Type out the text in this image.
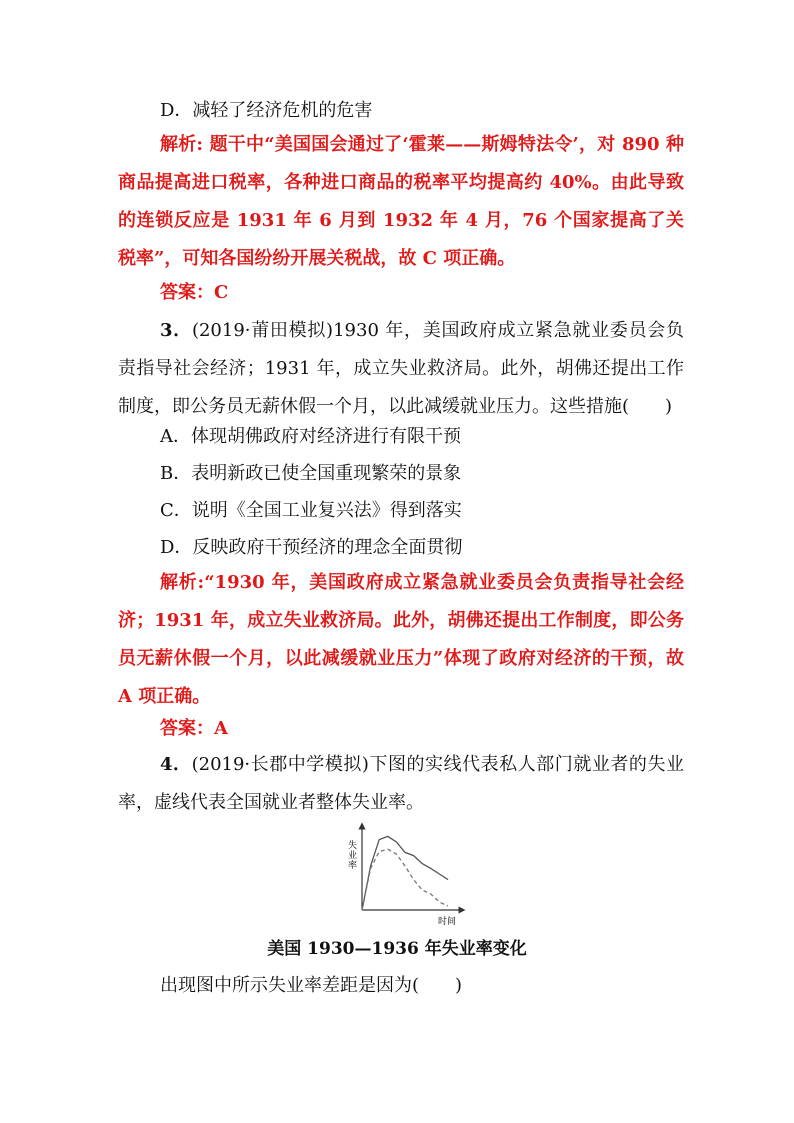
D．减轻了经济危机的危害
解析: 题干中“美国国会通过了‘霍莱——斯姆特法令’，对 890 种商品提高进口税率，各种进口商品的税率平均提高约 40%。由此导致的连锁反应是 1931 年 6 月到 1932 年 4 月，76 个国家提高了关税率”，可知各国纷纷开展关税战，故 C 项正确。
答案：C
3．(2019·莆田模拟)1930 年，美国政府成立紧急就业委员会负责指导社会经济；1931 年，成立失业救济局。此外，胡佛还提出工作制度，即公务员无薪休假一个月，以此减缓就业压力。这些措施(　　)
A．体现胡佛政府对经济进行有限干预
B．表明新政已使全国重现繁荣的景象
C．说明《全国工业复兴法》得到落实
D．反映政府干预经济的理念全面贯彻
解析:“1930 年，美国政府成立紧急就业委员会负责指导社会经济；1931 年，成立失业救济局。此外，胡佛还提出工作制度，即公务员无薪休假一个月，以此减缓就业压力”体现了政府对经济的干预，故 A 项正确。
答案：A
4．(2019·长郡中学模拟)下图的实线代表私人部门就业者的失业率，虚线代表全国就业者整体失业率。
失 业 率
时间
美国 1930—1936 年失业率变化
出现图中所示失业率差距是因为(　　)
